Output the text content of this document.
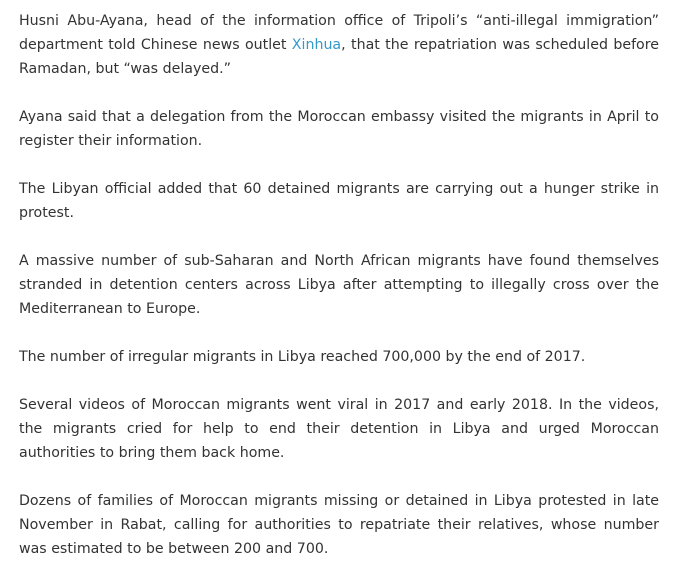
Husni Abu-Ayana, head of the information office of Tripoli’s “anti-illegal immigration” department told Chinese news outlet Xinhua, that the repatriation was scheduled before Ramadan, but “was delayed.”

Ayana said that a delegation from the Moroccan embassy visited the migrants in April to register their information.

The Libyan official added that 60 detained migrants are carrying out a hunger strike in protest.

A massive number of sub-Saharan and North African migrants have found themselves stranded in detention centers across Libya after attempting to illegally cross over the Mediterranean to Europe.

The number of irregular migrants in Libya reached 700,000 by the end of 2017.

Several videos of Moroccan migrants went viral in 2017 and early 2018. In the videos, the migrants cried for help to end their detention in Libya and urged Moroccan authorities to bring them back home.

Dozens of families of Moroccan migrants missing or detained in Libya protested in late November in Rabat, calling for authorities to repatriate their relatives, whose number was estimated to be between 200 and 700.
